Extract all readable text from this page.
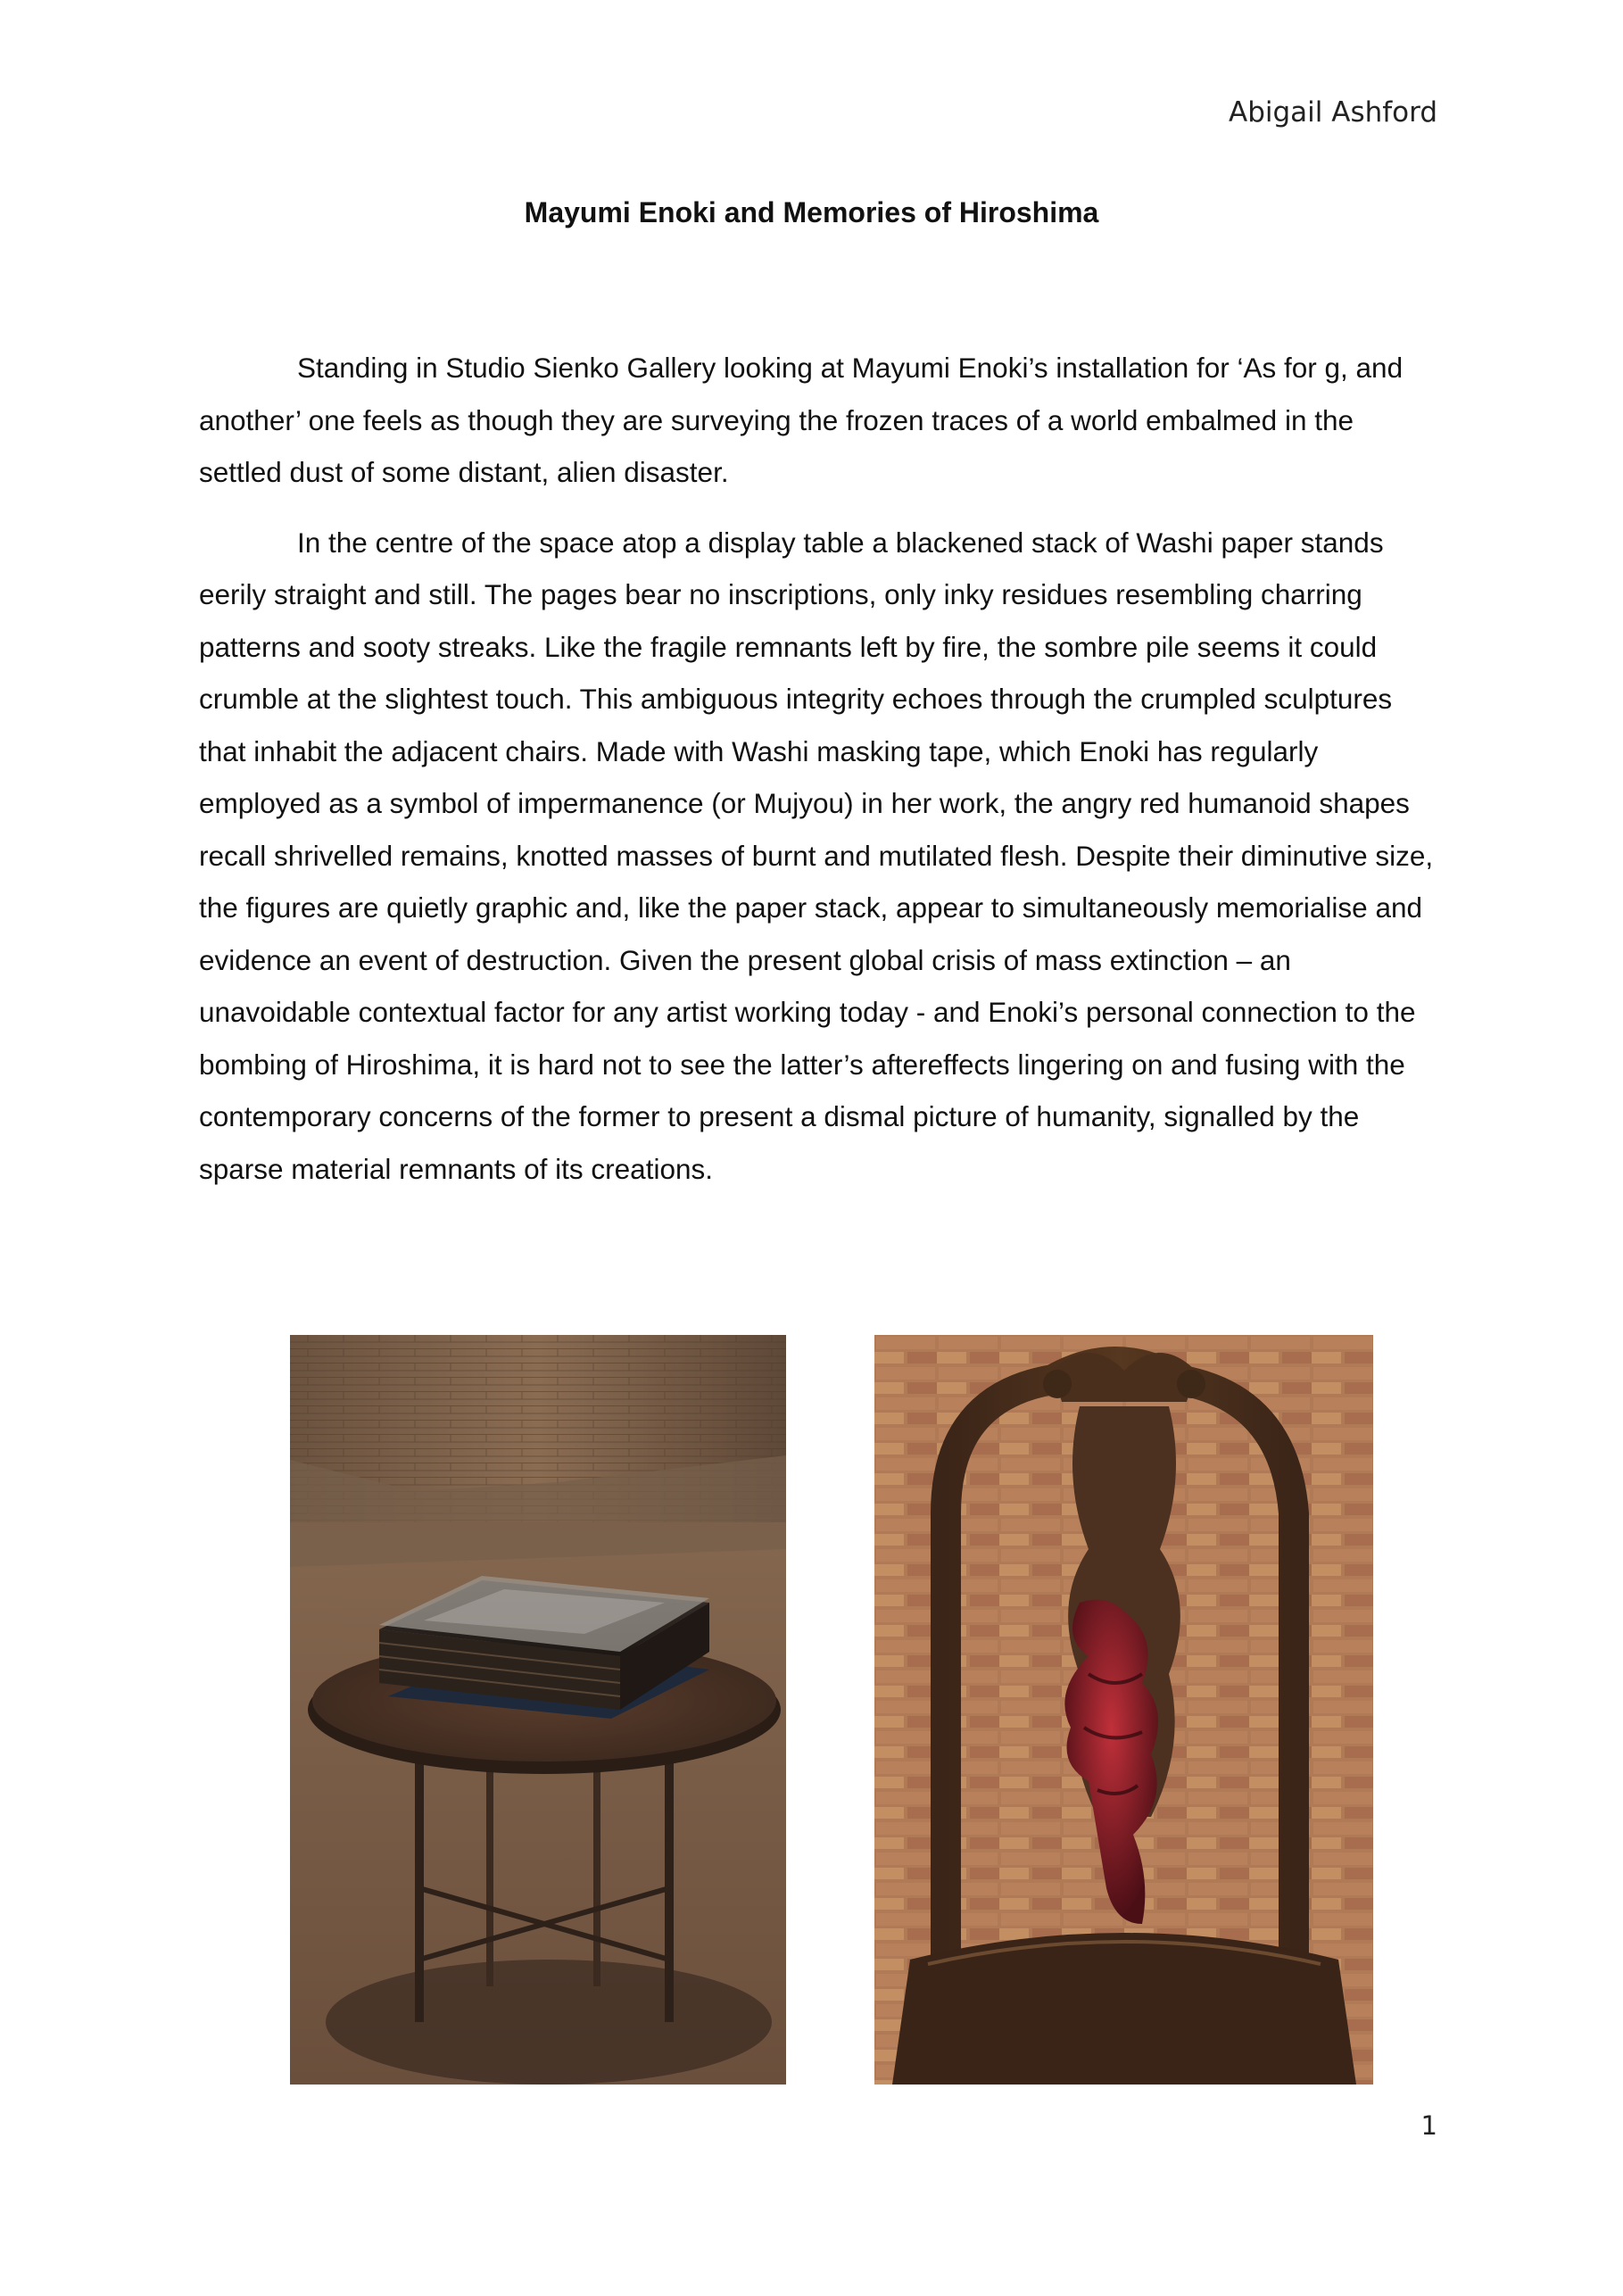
Abigail Ashford
Mayumi Enoki and Memories of Hiroshima

Standing in Studio Sienko Gallery looking at Mayumi Enoki’s installation for ‘As for g, and another’ one feels as though they are surveying the frozen traces of a world embalmed in the settled dust of some distant, alien disaster.

In the centre of the space atop a display table a blackened stack of Washi paper stands eerily straight and still. The pages bear no inscriptions, only inky residues resembling charring patterns and sooty streaks. Like the fragile remnants left by fire, the sombre pile seems it could crumble at the slightest touch. This ambiguous integrity echoes through the crumpled sculptures that inhabit the adjacent chairs. Made with Washi masking tape, which Enoki has regularly employed as a symbol of impermanence (or Mujyou) in her work, the angry red humanoid shapes recall shrivelled remains, knotted masses of burnt and mutilated flesh. Despite their diminutive size, the figures are quietly graphic and, like the paper stack, appear to simultaneously memorialise and evidence an event of destruction. Given the present global crisis of mass extinction – an unavoidable contextual factor for any artist working today - and Enoki’s personal connection to the bombing of Hiroshima, it is hard not to see the latter’s aftereffects lingering on and fusing with the contemporary concerns of the former to present a dismal picture of humanity, signalled by the sparse material remnants of its creations.

1
